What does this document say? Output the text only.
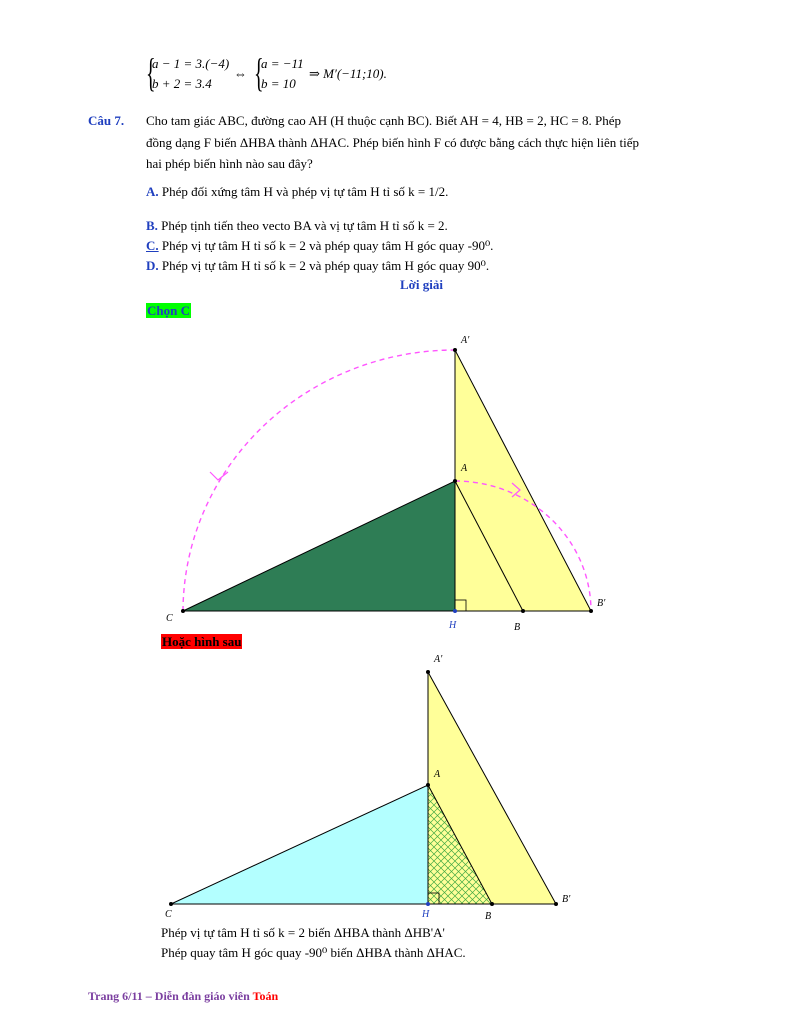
{
a − 1 = 3.(−4)
b + 2 = 3.4
⇔ {
a = −11
b = 10
⇒ M′(−11;10).
Câu 7. Cho tam giác ABC, đường cao AH (H thuộc cạnh BC). Biết AH = 4, HB = 2, HC = 8. Phép
đồng dạng F biến ΔHBA thành ΔHAC. Phép biến hình F có được bằng cách thực hiện liên tiếp
hai phép biến hình nào sau đây?
A. Phép đối xứng tâm H và phép vị tự tâm H tỉ số k = 1/2.
B. Phép tịnh tiến theo vecto BA và vị tự tâm H tỉ số k = 2.
C. Phép vị tự tâm H tỉ số k = 2 và phép quay tâm H góc quay -90⁰.
D. Phép vị tự tâm H tỉ số k = 2 và phép quay tâm H góc quay 90⁰.
Lời giải
Chọn C
A′
A
C
H	B
B′
Hoặc hình sau
A'
A
C	H	B
B'
Phép vị tự tâm H tỉ số k = 2 biến ΔHBA thành ΔHB'A'
Phép quay tâm H góc quay -90⁰ biến ΔHBA thành ΔHAC.
Trang 6/11 – Diễn đàn giáo viên Toán
